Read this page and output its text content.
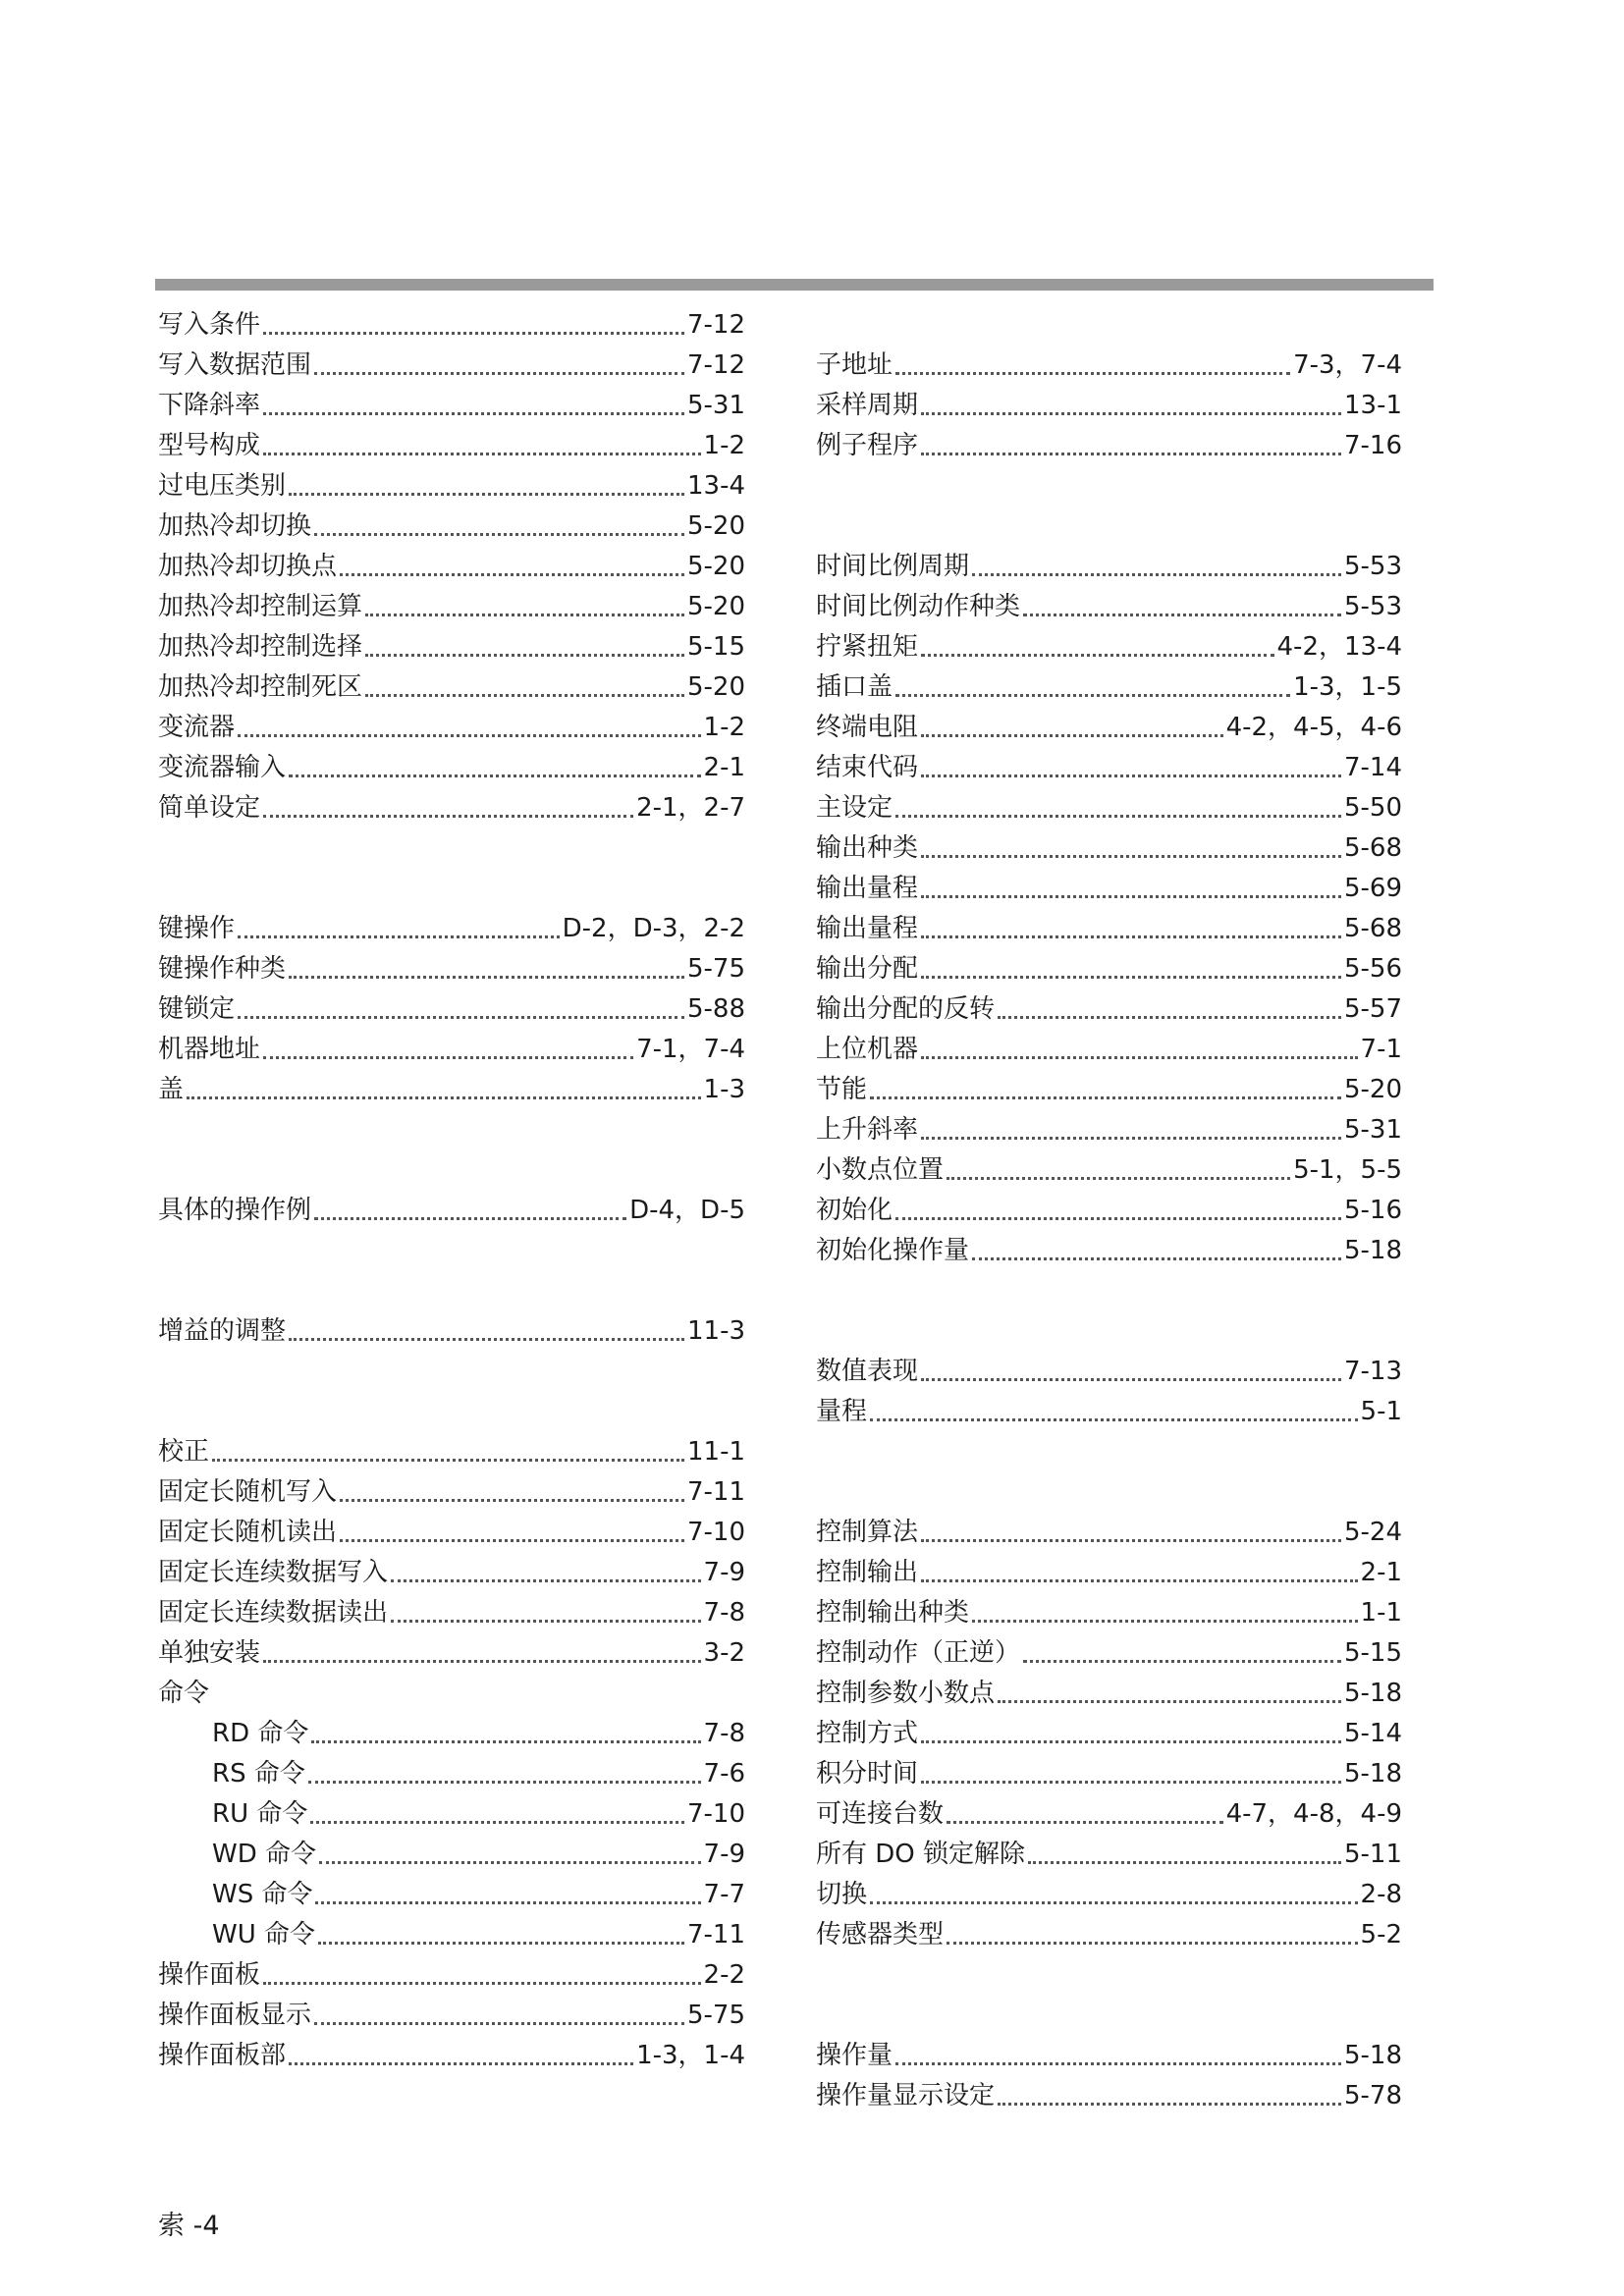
写入条件	7-12
写入数据范围	7-12
下降斜率	5-31
型号构成	1-2
过电压类别	13-4
加热冷却切换	5-20
加热冷却切换点	5-20
加热冷却控制运算	5-20
加热冷却控制选择	5-15
加热冷却控制死区	5-20
变流器	1-2
变流器输入	2-1
简单设定	2-1，2-7
键操作	D-2，D-3，2-2
键操作种类	5-75
键锁定	5-88
机器地址	7-1，7-4
盖	1-3
具体的操作例	D-4，D-5
增益的调整	11-3
校正	11-1
固定长随机写入	7-11
固定长随机读出	7-10
固定长连续数据写入	7-9
固定长连续数据读出	7-8
单独安装	3-2
命令
RD 命令	7-8
RS 命令	7-6
RU 命令	7-10
WD 命令	7-9
WS 命令	7-7
WU 命令	7-11
操作面板	2-2
操作面板显示	5-75
操作面板部	1-3，1-4
子地址	7-3，7-4
采样周期	13-1
例子程序	7-16
时间比例周期	5-53
时间比例动作种类	5-53
拧紧扭矩	4-2，13-4
插口盖	1-3，1-5
终端电阻	4-2，4-5，4-6
结束代码	7-14
主设定	5-50
输出种类	5-68
输出量程	5-69
输出量程	5-68
输出分配	5-56
输出分配的反转	5-57
上位机器	7-1
节能	5-20
上升斜率	5-31
小数点位置	5-1，5-5
初始化	5-16
初始化操作量	5-18
数值表现	7-13
量程	5-1
控制算法	5-24
控制输出	2-1
控制输出种类	1-1
控制动作（正逆）	5-15
控制参数小数点	5-18
控制方式	5-14
积分时间	5-18
可连接台数	4-7，4-8，4-9
所有 DO 锁定解除	5-11
切换	2-8
传感器类型	5-2
操作量	5-18
操作量显示设定	5-78
索 -4
